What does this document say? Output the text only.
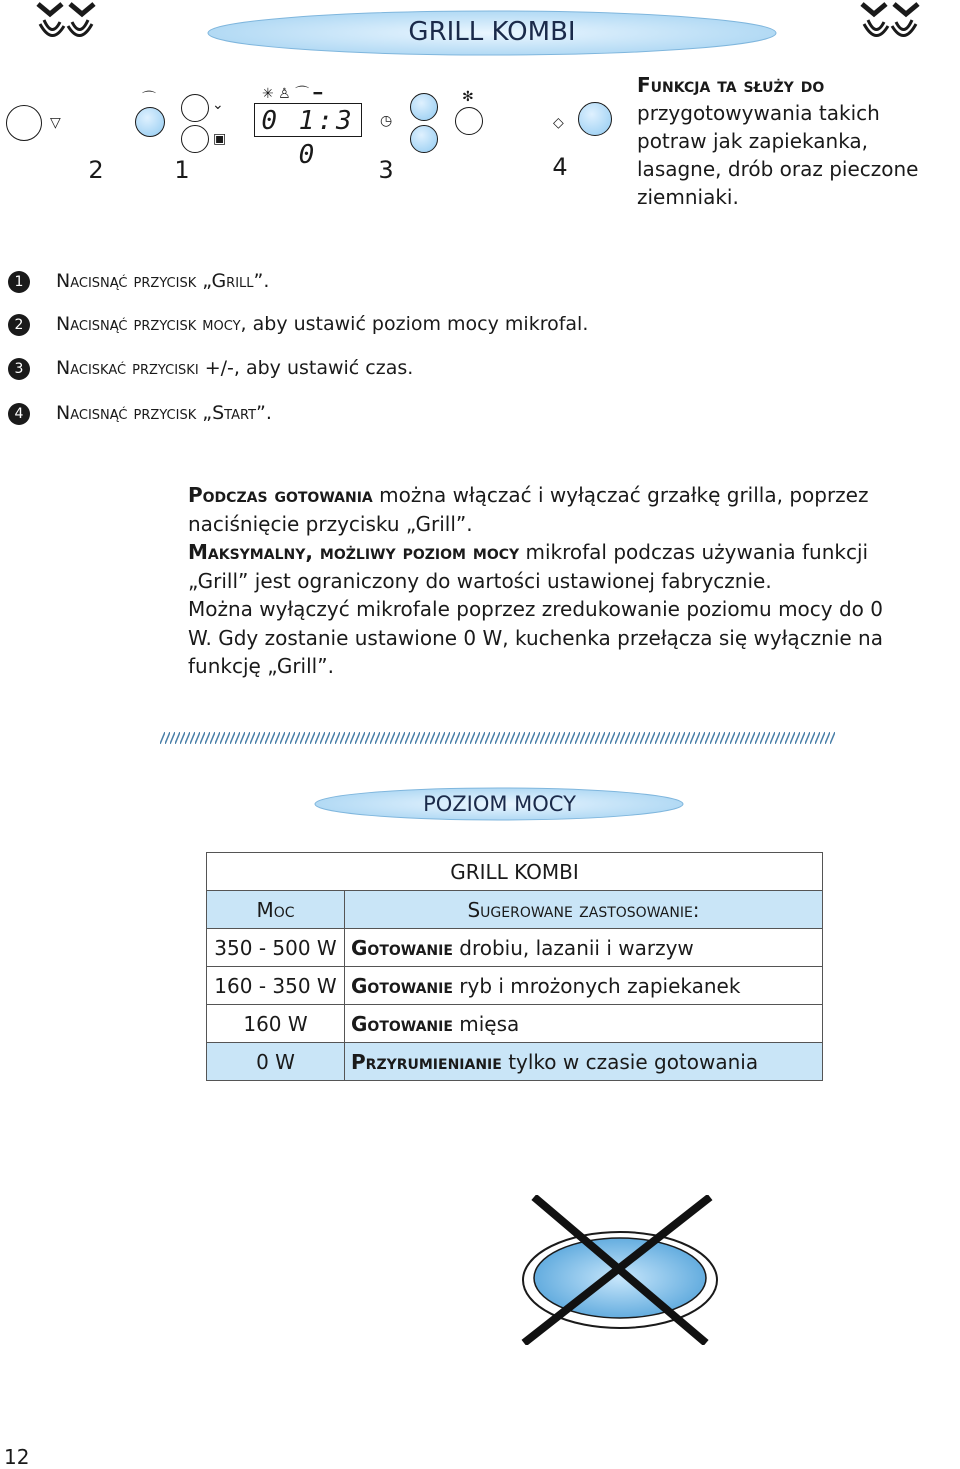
GRILL KOMBI
▽
⌒	⌄
▣
✳ ♙ ⌒ ━
0 1:3 0
◷
✻
◇
2	1	3	4
Funkcja ta służy do przygotowywania takich potraw jak zapiekanka, lasagne, drób oraz pieczone ziemniaki.
1 Nacisnąć przycisk „Grill”.
2 Nacisnąć przycisk mocy, aby ustawić poziom mocy mikrofal.
3 Naciskać przyciski +/-, aby ustawić czas.
4 Nacisnąć przycisk „Start”.
Podczas gotowania można włączać i wyłączać grzałkę grilla, poprzez naciśnięcie przycisku „Grill”.
Maksymalny, możliwy poziom mocy mikrofal podczas używania funkcji „Grill” jest ograniczony do wartości ustawionej fabrycznie.
Można wyłączyć mikrofale poprzez zredukowanie poziomu mocy do 0 W. Gdy zostanie ustawione 0 W, kuchenka przełącza się wyłącznie na funkcję „Grill”.
POZIOM MOCY
GRILL KOMBI	
Moc	Sugerowane zastosowanie:
350 - 500 W	Gotowanie drobiu, lazanii i warzyw
160 - 350 W	Gotowanie ryb i mrożonych zapiekanek
160 W	Gotowanie mięsa
0 W	Przyrumienianie tylko w czasie gotowania
12
